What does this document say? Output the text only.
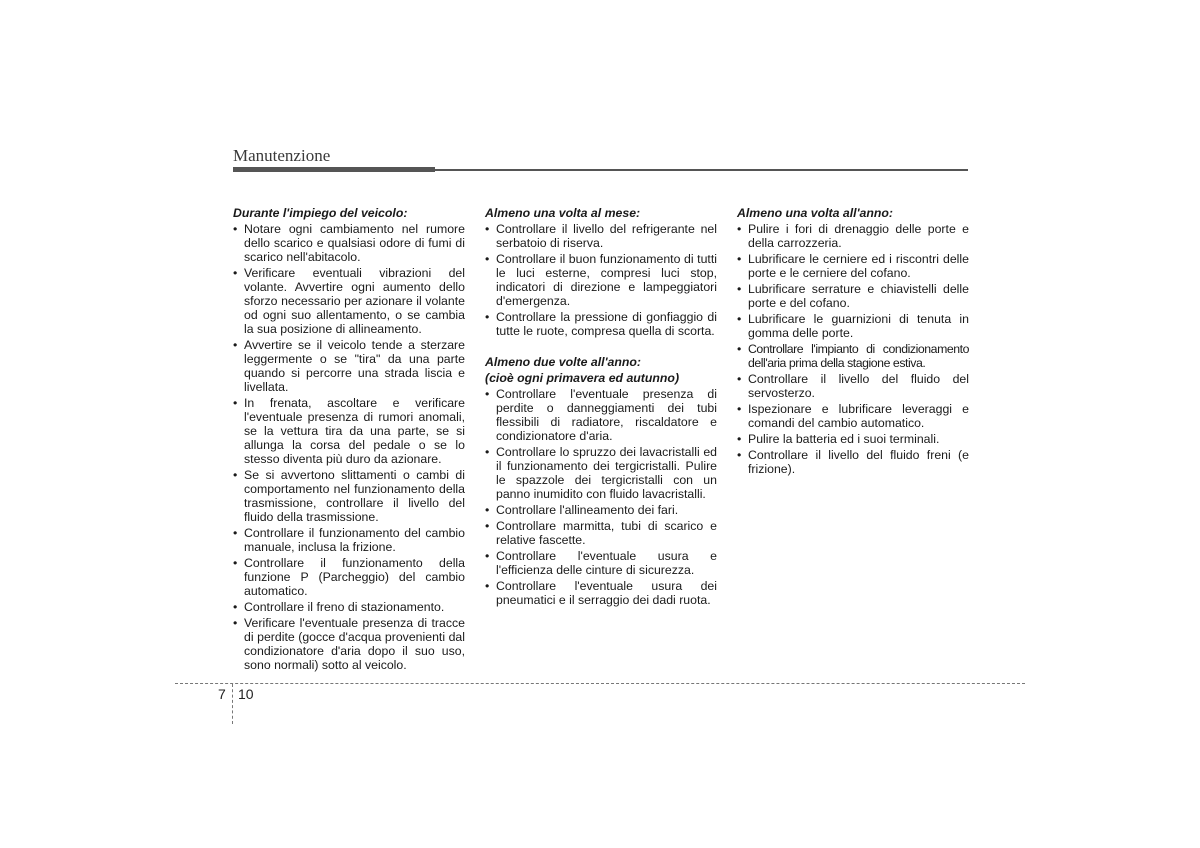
Manutenzione
Durante l'impiego del veicolo:
• Notare ogni cambiamento nel rumore dello scarico e qualsiasi odore di fumi di scarico nell'abitacolo.
• Verificare eventuali vibrazioni del volante. Avvertire ogni aumento dello sforzo necessario per azionare il volante od ogni suo allentamento, o se cambia la sua posizione di allineamento.
• Avvertire se il veicolo tende a sterzare leggermente o se "tira" da una parte quando si percorre una strada liscia e livellata.
• In frenata, ascoltare e verificare l'eventuale presenza di rumori anomali, se la vettura tira da una parte, se si allunga la corsa del pedale o se lo stesso diventa più duro da azionare.
• Se si avvertono slittamenti o cambi di comportamento nel funzionamento della trasmissione, controllare il livello del fluido della trasmissione.
• Controllare il funzionamento del cambio manuale, inclusa la frizione.
• Controllare il funzionamento della funzione P (Parcheggio) del cambio automatico.
• Controllare il freno di stazionamento.
• Verificare l'eventuale presenza di tracce di perdite (gocce d'acqua provenienti dal condizionatore d'aria dopo il suo uso, sono normali) sotto al veicolo.
Almeno una volta al mese:
• Controllare il livello del refrigerante nel serbatoio di riserva.
• Controllare il buon funzionamento di tutti le luci esterne, compresi luci stop, indicatori di direzione e lampeggiatori d'emergenza.
• Controllare la pressione di gonfiaggio di tutte le ruote, compresa quella di scorta.
Almeno due volte all'anno:
(cioè ogni primavera ed autunno)
• Controllare l'eventuale presenza di perdite o danneggiamenti dei tubi flessibili di radiatore, riscaldatore e condizionatore d'aria.
• Controllare lo spruzzo dei lavacristalli ed il funzionamento dei tergicristalli. Pulire le spazzole dei tergicristalli con un panno inumidito con fluido lavacristalli.
• Controllare l'allineamento dei fari.
• Controllare marmitta, tubi di scarico e relative fascette.
• Controllare l'eventuale usura e l'efficienza delle cinture di sicurezza.
• Controllare l'eventuale usura dei pneumatici e il serraggio dei dadi ruota.
Almeno una volta all'anno:
• Pulire i fori di drenaggio delle porte e della carrozzeria.
• Lubrificare le cerniere ed i riscontri delle porte e le cerniere del cofano.
• Lubrificare serrature e chiavistelli delle porte e del cofano.
• Lubrificare le guarnizioni di tenuta in gomma delle porte.
• Controllare l'impianto di condizionamento dell'aria prima della stagione estiva.
• Controllare il livello del fluido del servosterzo.
• Ispezionare e lubrificare leveraggi e comandi del cambio automatico.
• Pulire la batteria ed i suoi terminali.
• Controllare il livello del fluido freni (e frizione).
7 10
